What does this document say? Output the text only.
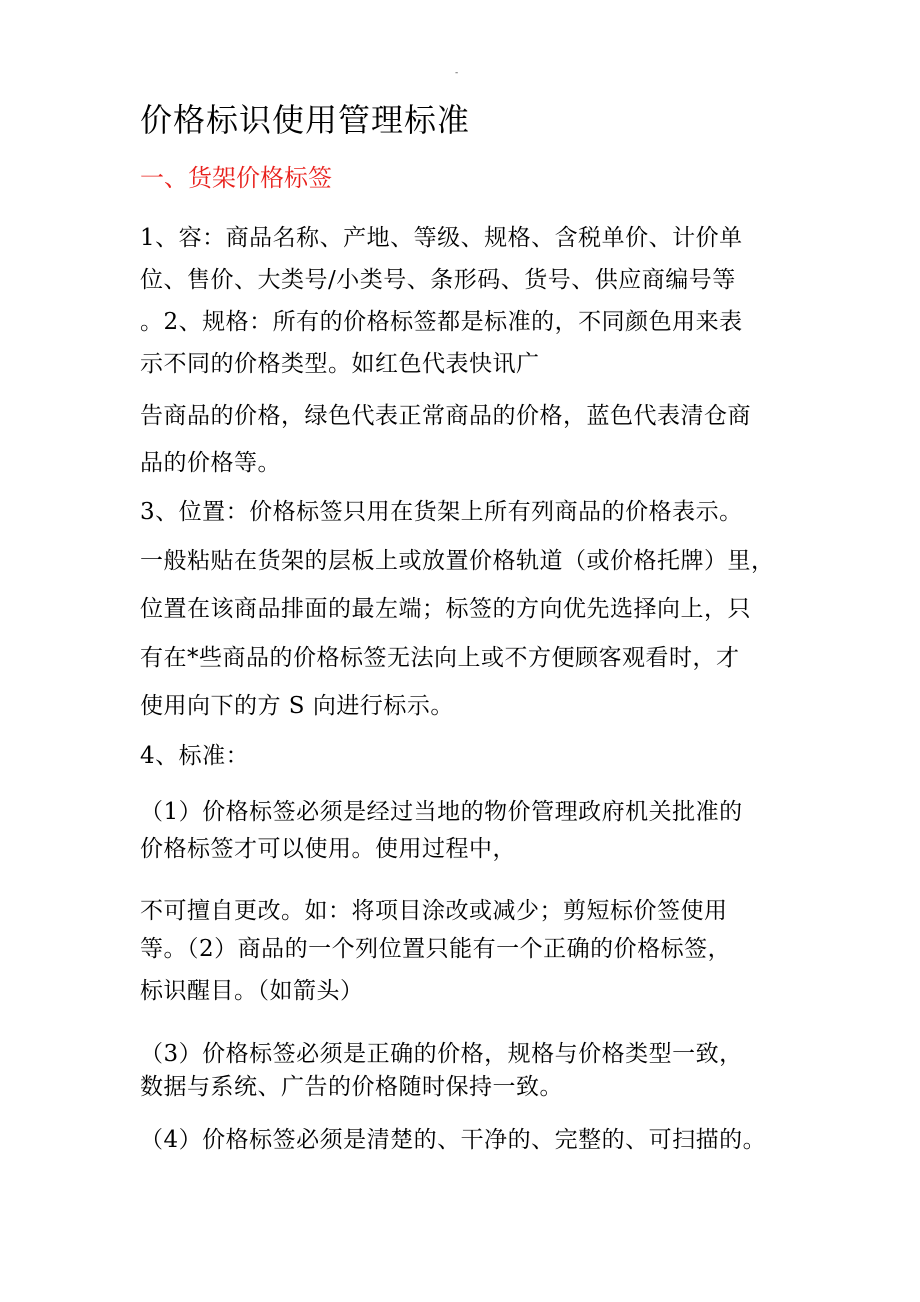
-
价格标识使用管理标准
一、货架价格标签

1、容：商品名称、产地、等级、规格、含税单价、计价单

位、售价、大类号/小类号、条形码、货号、供应商编号等

。2、规格：所有的价格标签都是标准的，不同颜色用来表

示不同的价格类型。如红色代表快讯广

告商品的价格，绿色代表正常商品的价格，蓝色代表清仓商

品的价格等。

3、位置：价格标签只用在货架上所有列商品的价格表示。

一般粘贴在货架的层板上或放置价格轨道（或价格托牌）里，

位置在该商品排面的最左端；标签的方向优先选择向上，只

有在*些商品的价格标签无法向上或不方便顾客观看时，才

使用向下的方 S 向进行标示。

4、标准：

（1）价格标签必须是经过当地的物价管理政府机关批准的

价格标签才可以使用。使用过程中，

不可擅自更改。如：将项目涂改或减少；剪短标价签使用

等。（2）商品的一个列位置只能有一个正确的价格标签，

标识醒目。（如箭头）

（3）价格标签必须是正确的价格，规格与价格类型一致，

数据与系统、广告的价格随时保持一致。

（4）价格标签必须是清楚的、干净的、完整的、可扫描的。
